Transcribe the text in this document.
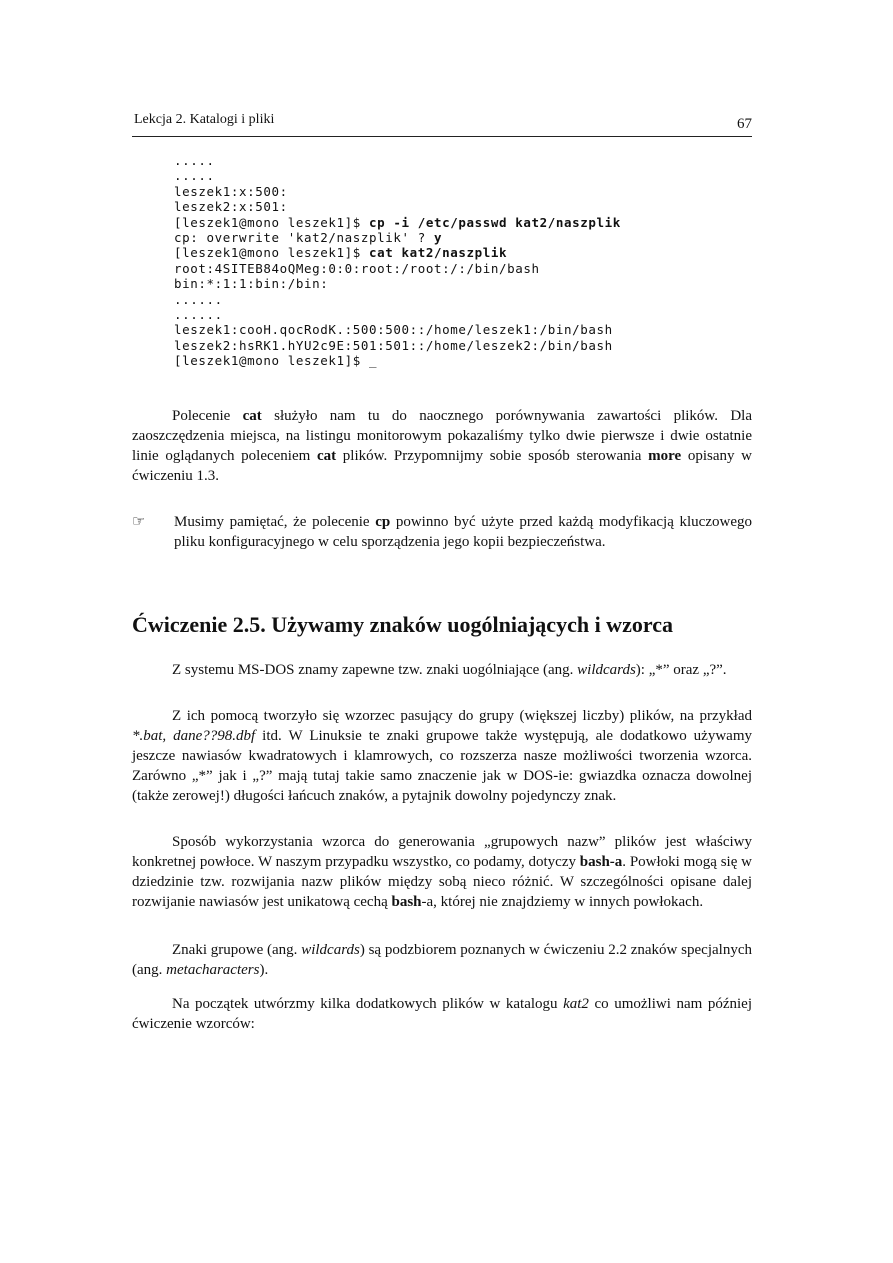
Lekcja 2. Katalogi i pliki	67
.....
.....
leszek1:x:500:
leszek2:x:501:
[leszek1@mono leszek1]$ cp -i /etc/passwd kat2/naszplik
cp: overwrite 'kat2/naszplik' ? y
[leszek1@mono leszek1]$ cat kat2/naszplik
root:4SITEB84oQMeg:0:0:root:/root:/:/bin/bash
bin:*:1:1:bin:/bin:
......
......
leszek1:cooH.qocRodK.:500:500::/home/leszek1:/bin/bash
leszek2:hsRK1.hYU2c9E:501:501::/home/leszek2:/bin/bash
[leszek1@mono leszek1]$ _

Polecenie cat służyło nam tu do naocznego porównywania zawartości plików. Dla zaoszczędzenia miejsca, na listingu monitorowym pokazaliśmy tylko dwie pierwsze i dwie ostatnie linie oglądanych poleceniem cat plików. Przypomnijmy sobie sposób sterowania more opisany w ćwiczeniu 1.3.

☞ Musimy pamiętać, że polecenie cp powinno być użyte przed każdą modyfikacją kluczowego pliku konfiguracyjnego w celu sporządzenia jego kopii bezpieczeństwa.

Ćwiczenie 2.5. Używamy znaków uogólniających i wzorca

Z systemu MS-DOS znamy zapewne tzw. znaki uogólniające (ang. wildcards): „*” oraz „?”.

Z ich pomocą tworzyło się wzorzec pasujący do grupy (większej liczby) plików, na przykład *.bat, dane??98.dbf itd. W Linuksie te znaki grupowe także występują, ale dodatkowo używamy jeszcze nawiasów kwadratowych i klamrowych, co rozszerza nasze możliwości tworzenia wzorca. Zarówno „*” jak i „?” mają tutaj takie samo znaczenie jak w DOS-ie: gwiazdka oznacza dowolnej (także zerowej!) długości łańcuch znaków, a pytajnik dowolny pojedynczy znak.

Sposób wykorzystania wzorca do generowania „grupowych nazw” plików jest właściwy konkretnej powłoce. W naszym przypadku wszystko, co podamy, dotyczy bash-a. Powłoki mogą się w dziedzinie tzw. rozwijania nazw plików między sobą nieco różnić. W szczególności opisane dalej rozwijanie nawiasów jest unikatową cechą bash-a, której nie znajdziemy w innych powłokach.

Znaki grupowe (ang. wildcards) są podzbiorem poznanych w ćwiczeniu 2.2 znaków specjalnych (ang. metacharacters).

Na początek utwórzmy kilka dodatkowych plików w katalogu kat2 co umożliwi nam później ćwiczenie wzorców:
